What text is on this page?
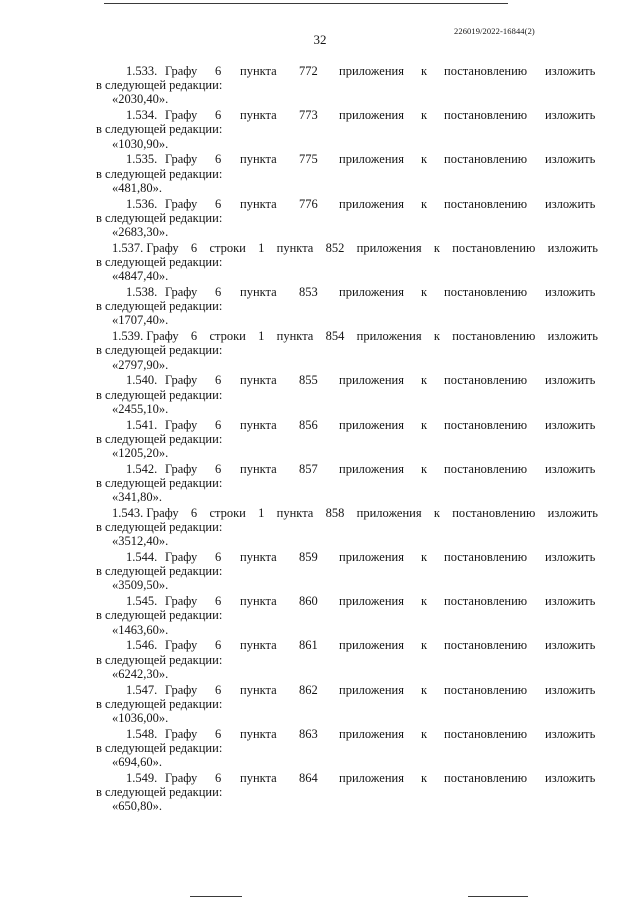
226019/2022-16844(2)
32
1.533. Графу 6 пункта 772 приложения к постановлению изложить
в следующей редакции:
«2030,40».
1.534. Графу 6 пункта 773 приложения к постановлению изложить
в следующей редакции:
«1030,90».
1.535. Графу 6 пункта 775 приложения к постановлению изложить
в следующей редакции:
«481,80».
1.536. Графу 6 пункта 776 приложения к постановлению изложить
в следующей редакции:
«2683,30».
1.537. Графу 6 строки 1 пункта 852 приложения к постановлению изложить
в следующей редакции:
«4847,40».
1.538. Графу 6 пункта 853 приложения к постановлению изложить
в следующей редакции:
«1707,40».
1.539. Графу 6 строки 1 пункта 854 приложения к постановлению изложить
в следующей редакции:
«2797,90».
1.540. Графу 6 пункта 855 приложения к постановлению изложить
в следующей редакции:
«2455,10».
1.541. Графу 6 пункта 856 приложения к постановлению изложить
в следующей редакции:
«1205,20».
1.542. Графу 6 пункта 857 приложения к постановлению изложить
в следующей редакции:
«341,80».
1.543. Графу 6 строки 1 пункта 858 приложения к постановлению изложить
в следующей редакции:
«3512,40».
1.544. Графу 6 пункта 859 приложения к постановлению изложить
в следующей редакции:
«3509,50».
1.545. Графу 6 пункта 860 приложения к постановлению изложить
в следующей редакции:
«1463,60».
1.546. Графу 6 пункта 861 приложения к постановлению изложить
в следующей редакции:
«6242,30».
1.547. Графу 6 пункта 862 приложения к постановлению изложить
в следующей редакции:
«1036,00».
1.548. Графу 6 пункта 863 приложения к постановлению изложить
в следующей редакции:
«694,60».
1.549. Графу 6 пункта 864 приложения к постановлению изложить
в следующей редакции:
«650,80».
